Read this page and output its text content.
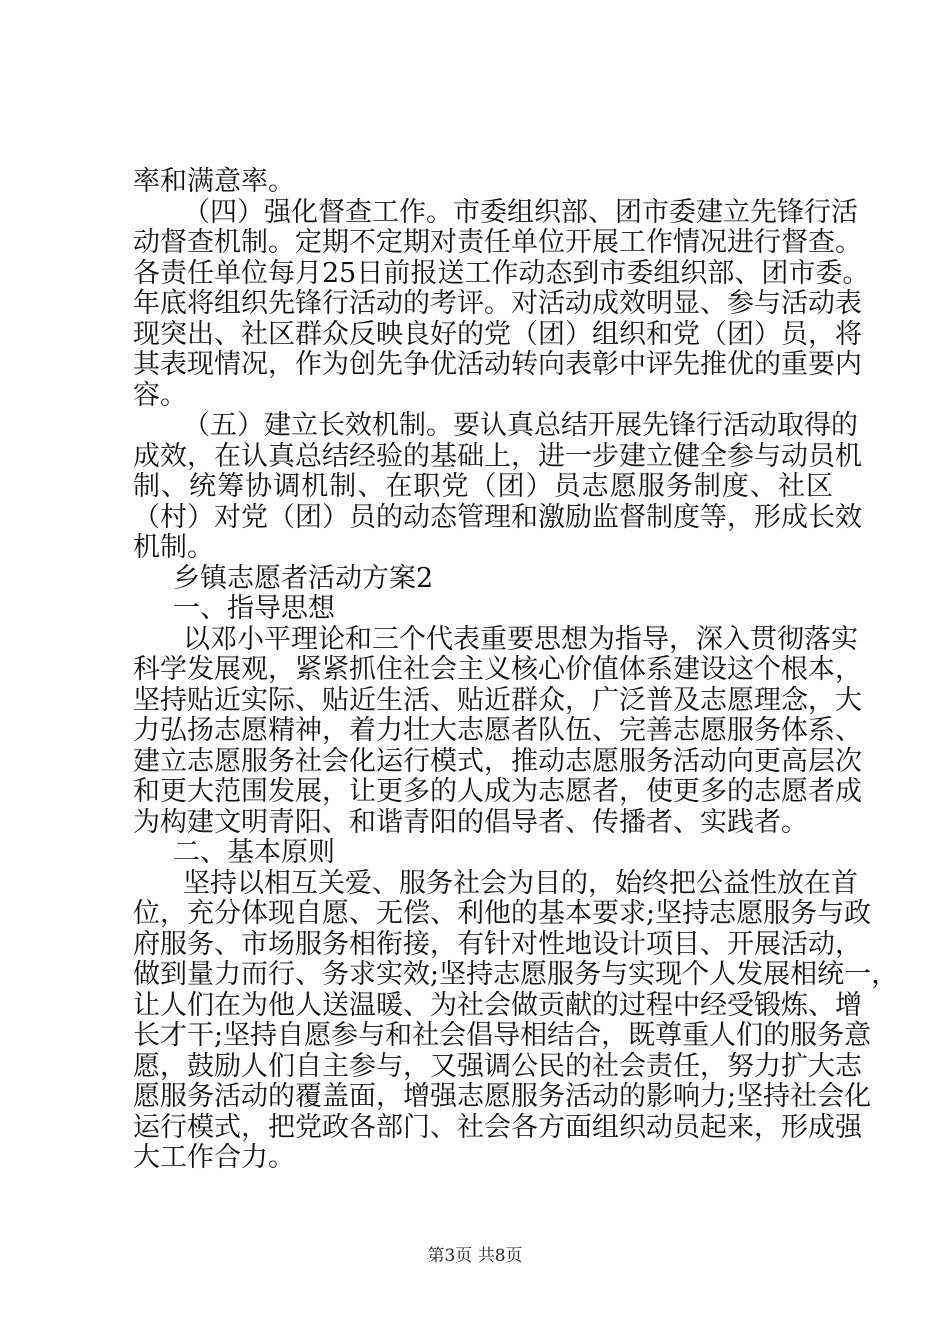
率和满意率。
（四）强化督查工作。市委组织部、团市委建立先锋行活
动督查机制。定期不定期对责任单位开展工作情况进行督查。
各责任单位每月25日前报送工作动态到市委组织部、团市委。
年底将组织先锋行活动的考评。对活动成效明显、参与活动表
现突出、社区群众反映良好的党（团）组织和党（团）员，将
其表现情况，作为创先争优活动转向表彰中评先推优的重要内
容。
（五）建立长效机制。要认真总结开展先锋行活动取得的
成效，在认真总结经验的基础上，进一步建立健全参与动员机
制、统筹协调机制、在职党（团）员志愿服务制度、社区
（村）对党（团）员的动态管理和激励监督制度等，形成长效
机制。
乡镇志愿者活动方案2
一、指导思想
以邓小平理论和三个代表重要思想为指导，深入贯彻落实
科学发展观，紧紧抓住社会主义核心价值体系建设这个根本，
坚持贴近实际、贴近生活、贴近群众，广泛普及志愿理念，大
力弘扬志愿精神，着力壮大志愿者队伍、完善志愿服务体系、
建立志愿服务社会化运行模式，推动志愿服务活动向更高层次
和更大范围发展，让更多的人成为志愿者，使更多的志愿者成
为构建文明青阳、和谐青阳的倡导者、传播者、实践者。
二、基本原则
坚持以相互关爱、服务社会为目的，始终把公益性放在首
位，充分体现自愿、无偿、利他的基本要求;坚持志愿服务与政
府服务、市场服务相衔接，有针对性地设计项目、开展活动，
做到量力而行、务求实效;坚持志愿服务与实现个人发展相统一，
让人们在为他人送温暖、为社会做贡献的过程中经受锻炼、增
长才干;坚持自愿参与和社会倡导相结合，既尊重人们的服务意
愿，鼓励人们自主参与，又强调公民的社会责任，努力扩大志
愿服务活动的覆盖面，增强志愿服务活动的影响力;坚持社会化
运行模式，把党政各部门、社会各方面组织动员起来，形成强
大工作合力。
第3页 共8页
